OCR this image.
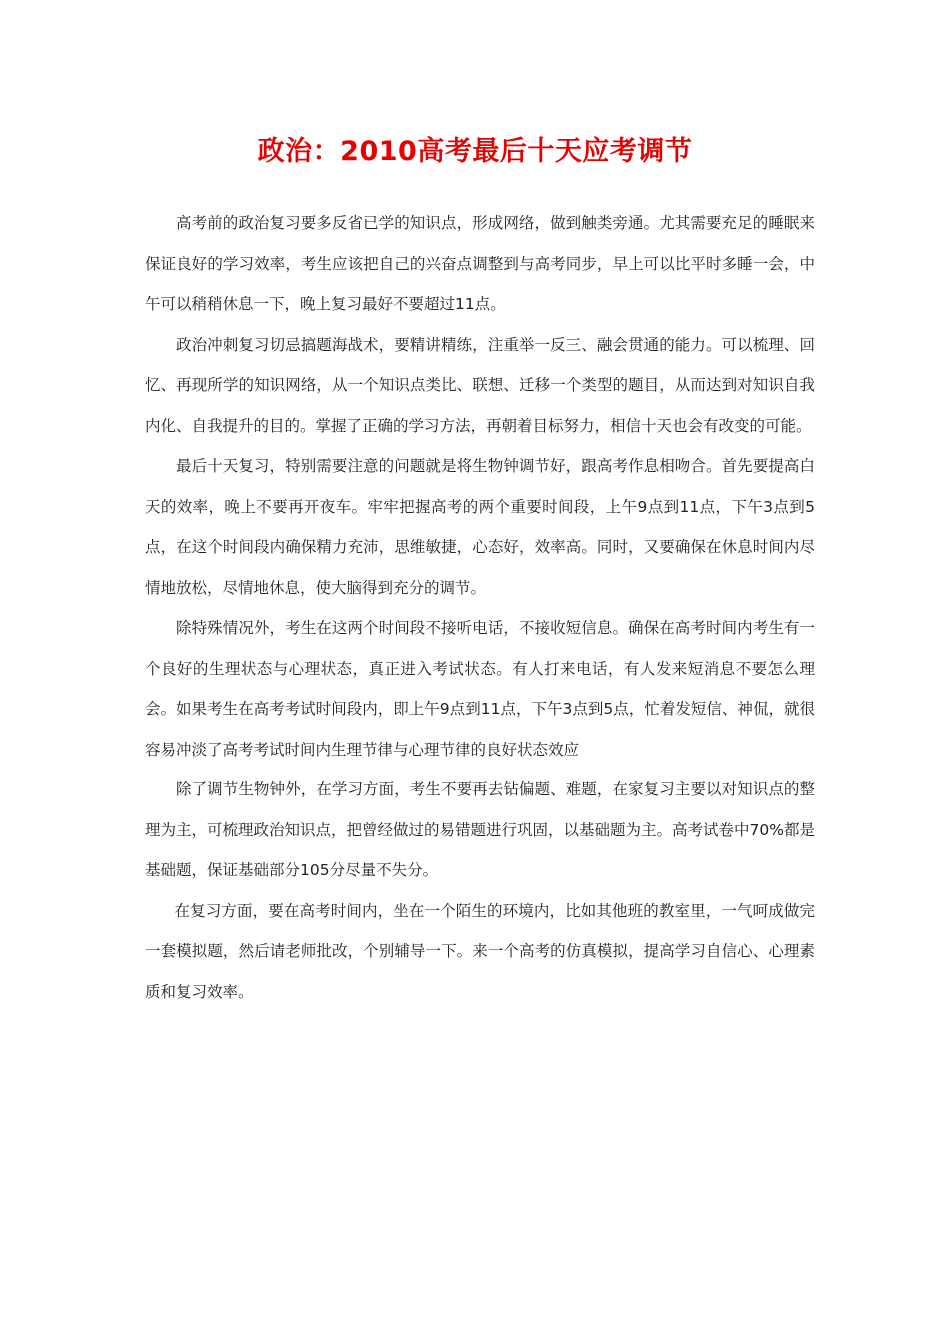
政治：2010高考最后十天应考调节

高考前的政治复习要多反省已学的知识点，形成网络，做到触类旁通。尤其需要充足的睡眠来保证良好的学习效率，考生应该把自己的兴奋点调整到与高考同步，早上可以比平时多睡一会，中午可以稍稍休息一下，晚上复习最好不要超过11点。

政治冲刺复习切忌搞题海战术，要精讲精练，注重举一反三、融会贯通的能力。可以梳理、回忆、再现所学的知识网络，从一个知识点类比、联想、迁移一个类型的题目，从而达到对知识自我内化、自我提升的目的。掌握了正确的学习方法，再朝着目标努力，相信十天也会有改变的可能。

最后十天复习，特别需要注意的问题就是将生物钟调节好，跟高考作息相吻合。首先要提高白天的效率，晚上不要再开夜车。牢牢把握高考的两个重要时间段，上午9点到11点，下午3点到5点，在这个时间段内确保精力充沛，思维敏捷，心态好，效率高。同时，又要确保在休息时间内尽情地放松，尽情地休息，使大脑得到充分的调节。

除特殊情况外，考生在这两个时间段不接听电话，不接收短信息。确保在高考时间内考生有一个良好的生理状态与心理状态，真正进入考试状态。有人打来电话，有人发来短消息不要怎么理会。如果考生在高考考试时间段内，即上午9点到11点，下午3点到5点，忙着发短信、神侃，就很容易冲淡了高考考试时间内生理节律与心理节律的良好状态效应

除了调节生物钟外，在学习方面，考生不要再去钻偏题、难题，在家复习主要以对知识点的整理为主，可梳理政治知识点，把曾经做过的易错题进行巩固，以基础题为主。高考试卷中70%都是基础题，保证基础部分105分尽量不失分。

在复习方面，要在高考时间内，坐在一个陌生的环境内，比如其他班的教室里，一气呵成做完一套模拟题，然后请老师批改，个别辅导一下。来一个高考的仿真模拟，提高学习自信心、心理素质和复习效率。
